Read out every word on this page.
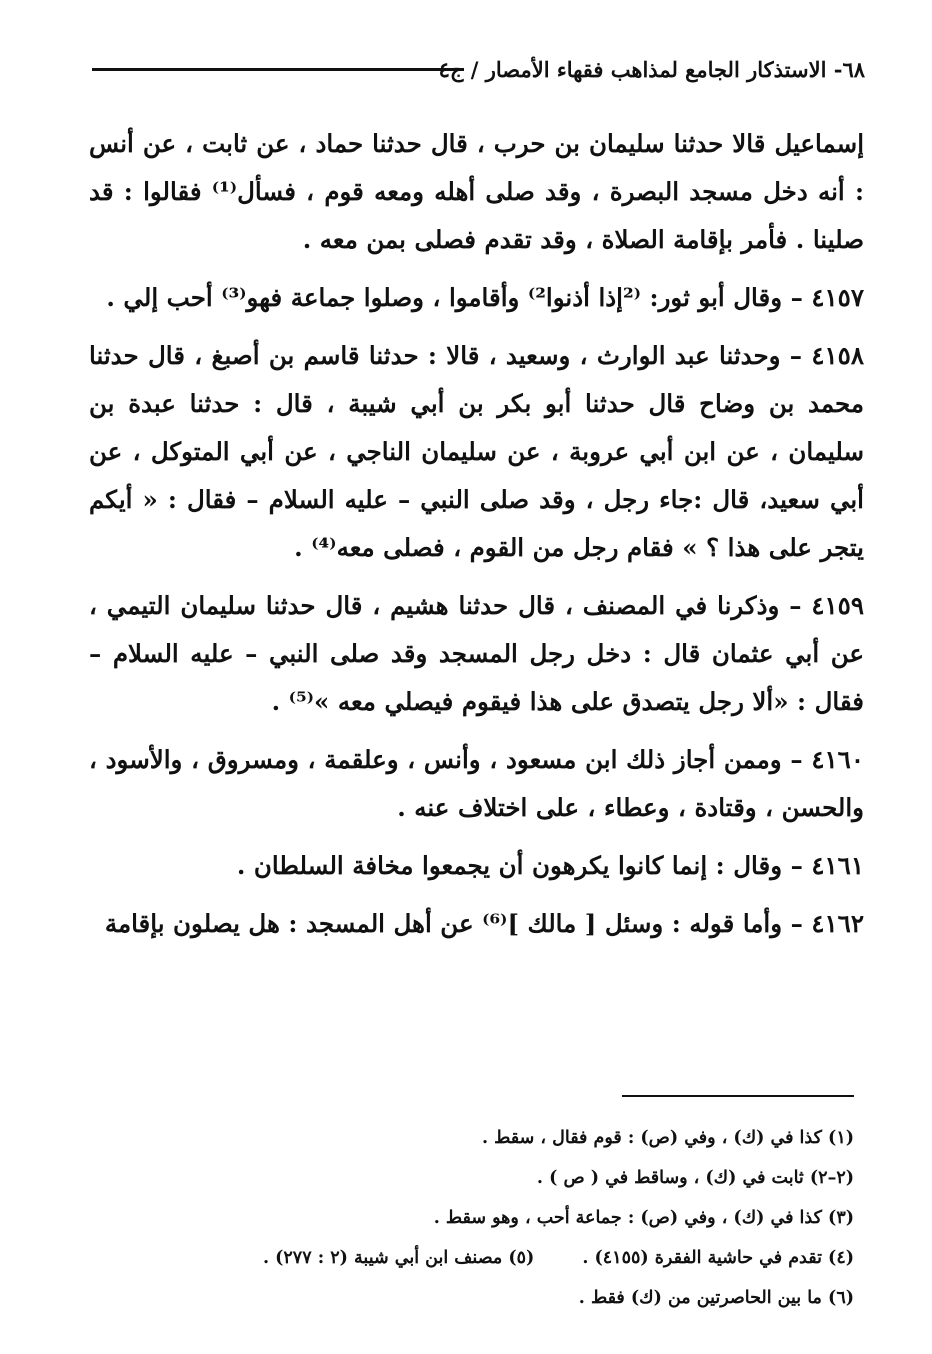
٦٨- الاستذكار الجامع لمذاهب فقهاء الأمصار / ج٤

إسماعيل قالا حدثنا سليمان بن حرب ، قال حدثنا حماد ، عن ثابت ، عن أنس : أنه دخل مسجد البصرة ، وقد صلى أهله ومعه قوم ، فسأل⁽¹⁾ فقالوا : قد صلينا . فأمر بإقامة الصلاة ، وقد تقدم فصلى بمن معه .

٤١٥٧ – وقال أبو ثور: ⁽²إذا أذنوا²⁾ وأقاموا ، وصلوا جماعة فهو⁽³⁾ أحب إلي .

٤١٥٨ – وحدثنا عبد الوارث ، وسعيد ، قالا : حدثنا قاسم بن أصبغ ، قال حدثنا محمد بن وضاح قال حدثنا أبو بكر بن أبي شيبة ، قال : حدثنا عبدة بن سليمان ، عن ابن أبي عروبة ، عن سليمان الناجي ، عن أبي المتوكل ، عن أبي سعيد، قال :جاء رجل ، وقد صلى النبي – عليه السلام – فقال : « أيكم يتجر على هذا ؟ » فقام رجل من القوم ، فصلى معه⁽⁴⁾ .

٤١٥٩ – وذكرنا في المصنف ، قال حدثنا هشيم ، قال حدثنا سليمان التيمي ، عن أبي عثمان قال : دخل رجل المسجد وقد صلى النبي – عليه السلام – فقال : «ألا رجل يتصدق على هذا فيقوم فيصلي معه »⁽⁵⁾ .

٤١٦٠ – وممن أجاز ذلك ابن مسعود ، وأنس ، وعلقمة ، ومسروق ، والأسود ، والحسن ، وقتادة ، وعطاء ، على اختلاف عنه .

٤١٦١ – وقال : إنما كانوا يكرهون أن يجمعوا مخافة السلطان .

٤١٦٢ – وأما قوله : وسئل [ مالك ]⁽⁶⁾ عن أهل المسجد : هل يصلون بإقامة

(١) كذا في (ك) ، وفي (ص) : قوم فقال ، سقط .
(٢–٢) ثابت في (ك) ، وساقط في ( ص ) .
(٣) كذا في (ك) ، وفي (ص) : جماعة أحب ، وهو سقط .
(٤) تقدم في حاشية الفقرة (٤١٥٥) .
(٥) مصنف ابن أبي شيبة (٢ : ٢٧٧) .
(٦) ما بين الحاصرتين من (ك) فقط .
